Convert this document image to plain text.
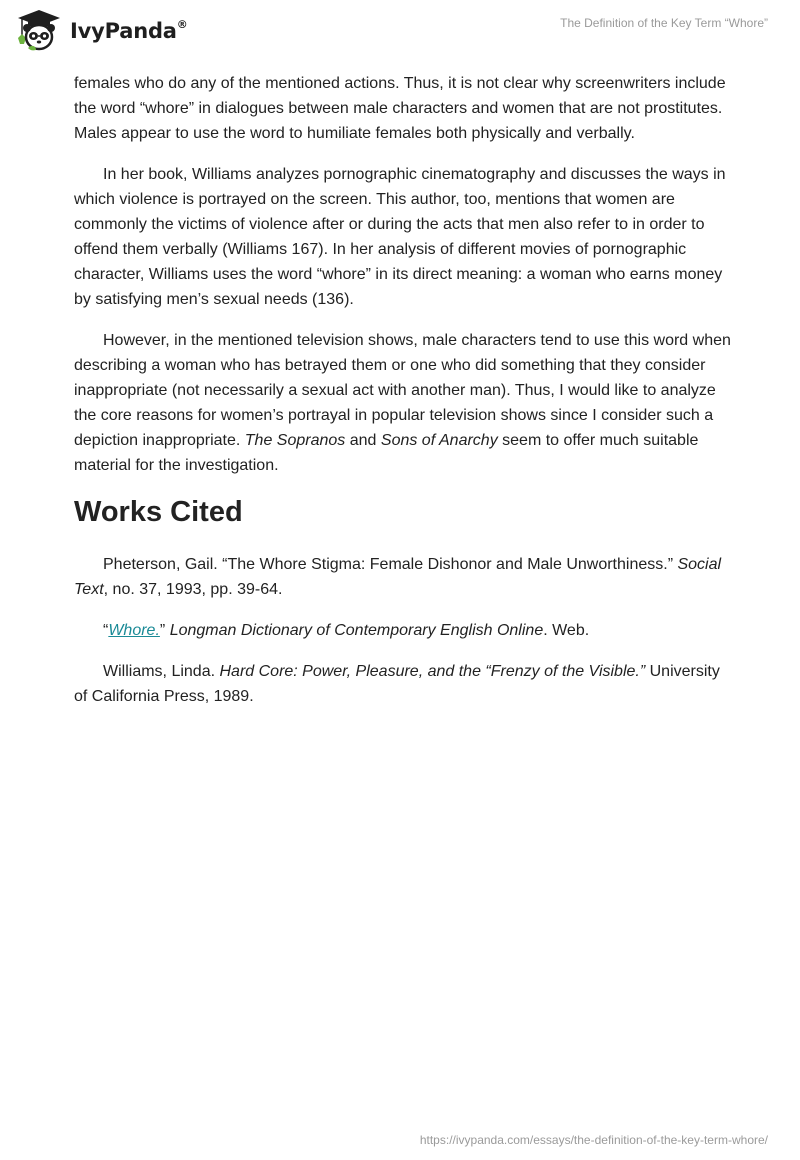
IvyPanda®	The Definition of the Key Term “Whore”

females who do any of the mentioned actions. Thus, it is not clear why screenwriters include the word “whore” in dialogues between male characters and women that are not prostitutes. Males appear to use the word to humiliate females both physically and verbally.

In her book, Williams analyzes pornographic cinematography and discusses the ways in which violence is portrayed on the screen. This author, too, mentions that women are commonly the victims of violence after or during the acts that men also refer to in order to offend them verbally (Williams 167). In her analysis of different movies of pornographic character, Williams uses the word “whore” in its direct meaning: a woman who earns money by satisfying men’s sexual needs (136).

However, in the mentioned television shows, male characters tend to use this word when describing a woman who has betrayed them or one who did something that they consider inappropriate (not necessarily a sexual act with another man). Thus, I would like to analyze the core reasons for women’s portrayal in popular television shows since I consider such a depiction inappropriate. The Sopranos and Sons of Anarchy seem to offer much suitable material for the investigation.

Works Cited

Pheterson, Gail. “The Whore Stigma: Female Dishonor and Male Unworthiness.” Social Text, no. 37, 1993, pp. 39-64.

“Whore.” Longman Dictionary of Contemporary English Online. Web.

Williams, Linda. Hard Core: Power, Pleasure, and the “Frenzy of the Visible.” University of California Press, 1989.

https://ivypanda.com/essays/the-definition-of-the-key-term-whore/
